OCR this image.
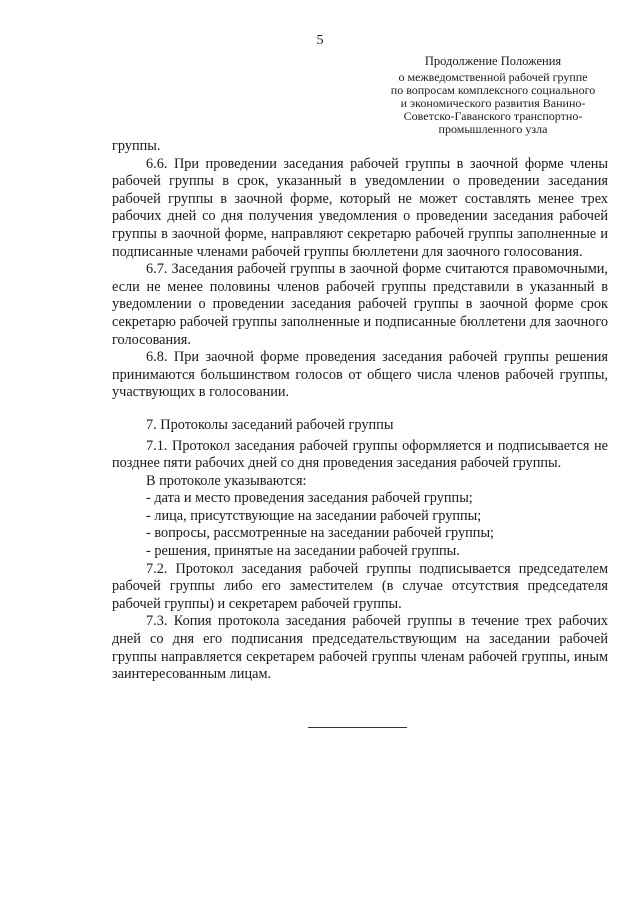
5
Продолжение Положения
о межведомственной рабочей группе
по вопросам комплексного социального
и экономического развития Ванино-
Советско-Гаванского транспортно-
промышленного узла

группы.

6.6. При проведении заседания рабочей группы в заочной форме члены рабочей группы в срок, указанный в уведомлении о проведении заседания рабочей группы в заочной форме, который не может составлять менее трех рабочих дней со дня получения уведомления о проведении заседания рабочей группы в заочной форме, направляют секретарю рабочей группы заполненные и подписанные членами рабочей группы бюллетени для заочного голосования.

6.7. Заседания рабочей группы в заочной форме считаются правомочными, если не менее половины членов рабочей группы представили в указанный в уведомлении о проведении заседания рабочей группы в заочной форме срок секретарю рабочей группы заполненные и подписанные бюллетени для заочного голосования.

6.8. При заочной форме проведения заседания рабочей группы решения принимаются большинством голосов от общего числа членов рабочей группы, участвующих в голосовании.

7. Протоколы заседаний рабочей группы

7.1. Протокол заседания рабочей группы оформляется и подписывается не позднее пяти рабочих дней со дня проведения заседания рабочей группы.

В протоколе указываются:

- дата и место проведения заседания рабочей группы;

- лица, присутствующие на заседании рабочей группы;

- вопросы, рассмотренные на заседании рабочей группы;

- решения, принятые на заседании рабочей группы.

7.2. Протокол заседания рабочей группы подписывается председателем рабочей группы либо его заместителем (в случае отсутствия председателя рабочей группы) и секретарем рабочей группы.

7.3. Копия протокола заседания рабочей группы в течение трех рабочих дней со дня его подписания председательствующим на заседании рабочей группы направляется секретарем рабочей группы членам рабочей группы, иным заинтересованным лицам.
